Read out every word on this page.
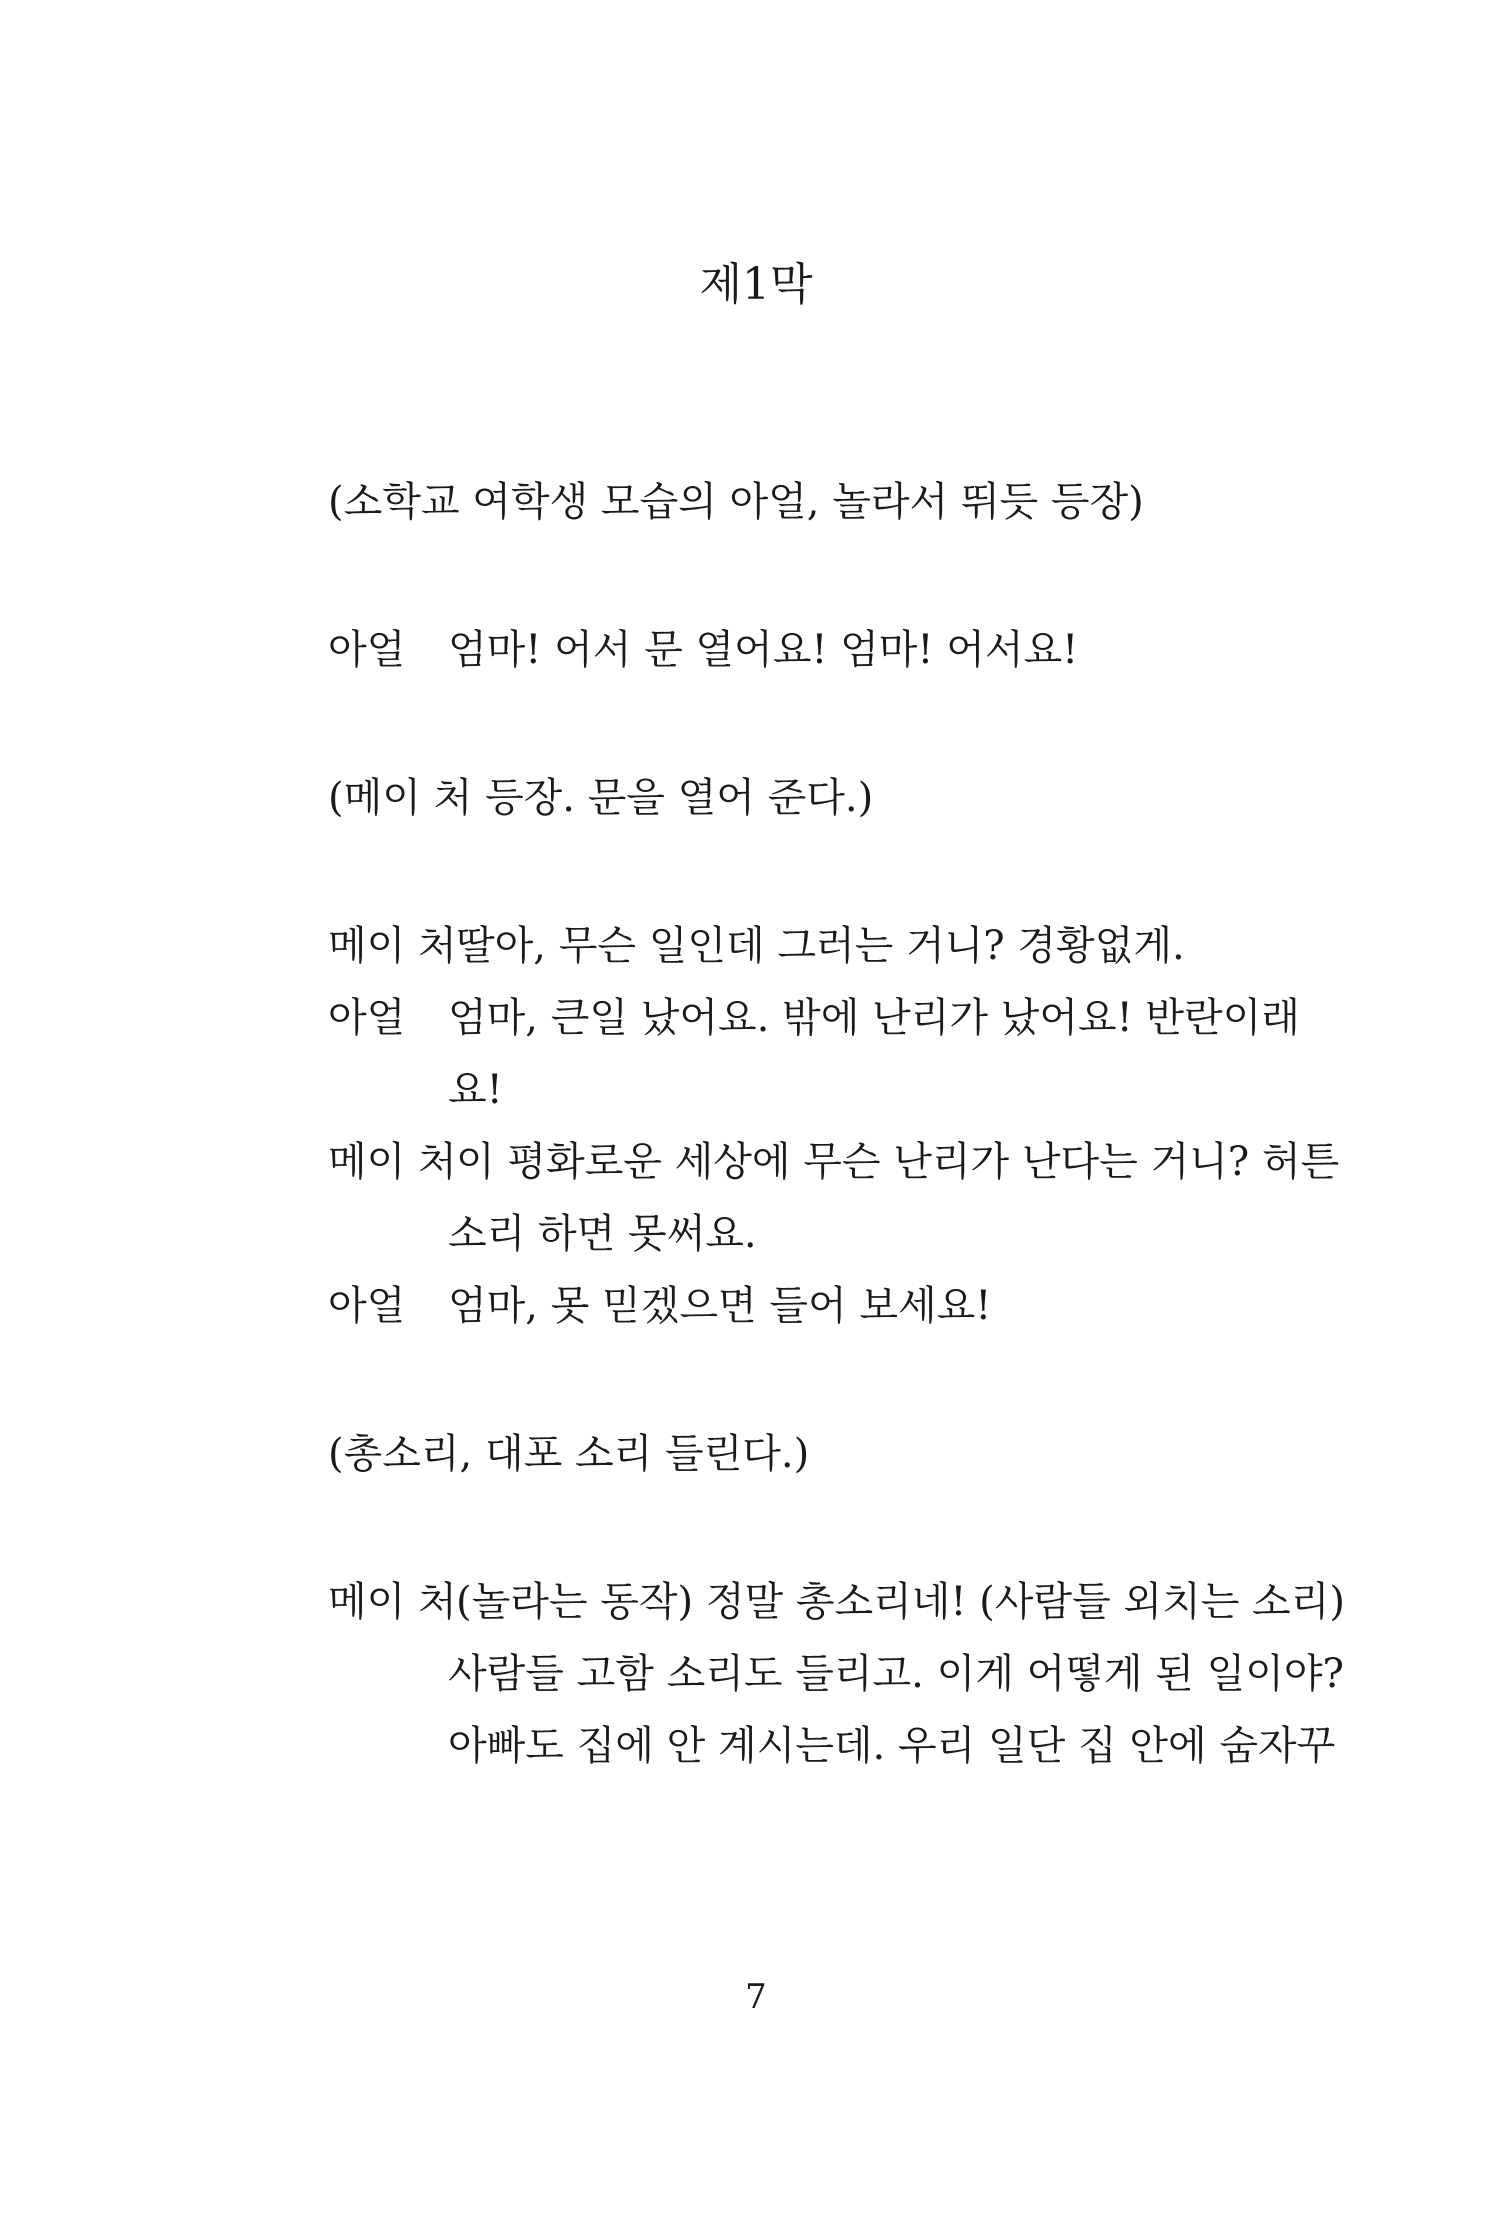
제1막
(소학교 여학생 모습의 아얼, 놀라서 뛰듯 등장)
아얼 엄마! 어서 문 열어요! 엄마! 어서요!
(메이 처 등장. 문을 열어 준다.)
메이 처 딸아, 무슨 일인데 그러는 거니? 경황없게.
아얼 엄마, 큰일 났어요. 밖에 난리가 났어요! 반란이래
요!
메이 처 이 평화로운 세상에 무슨 난리가 난다는 거니? 허튼
소리 하면 못써요.
아얼 엄마, 못 믿겠으면 들어 보세요!
(총소리, 대포 소리 들린다.)
메이 처 (놀라는 동작) 정말 총소리네! (사람들 외치는 소리)
사람들 고함 소리도 들리고. 이게 어떻게 된 일이야?
아빠도 집에 안 계시는데. 우리 일단 집 안에 숨자꾸
7
